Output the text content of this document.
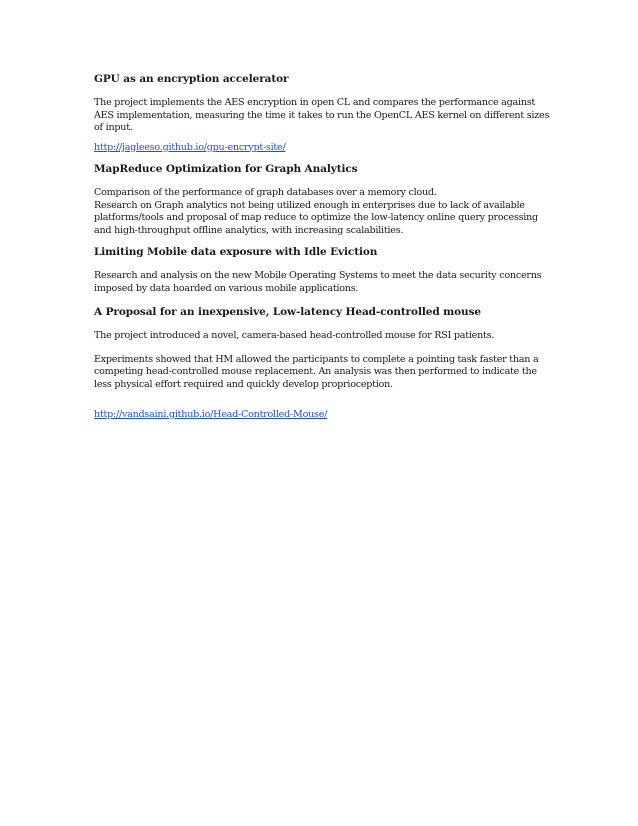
GPU as an encryption accelerator
The project implements the AES encryption in open CL and compares the performance against
AES implementation, measuring the time it takes to run the OpenCL AES kernel on different sizes
of input.
http://jagleeso.github.io/gpu-encrypt-site/
MapReduce Optimization for Graph Analytics
Comparison of the performance of graph databases over a memory cloud.
Research on Graph analytics not being utilized enough in enterprises due to lack of available
platforms/tools and proposal of map reduce to optimize the low-latency online query processing
and high-throughput offline analytics, with increasing scalabilities.
Limiting Mobile data exposure with Idle Eviction
Research and analysis on the new Mobile Operating Systems to meet the data security concerns
imposed by data hoarded on various mobile applications.
A Proposal for an inexpensive, Low-latency Head-controlled mouse
The project introduced a novel, camera-based head-controlled mouse for RSI patients.
Experiments showed that HM allowed the participants to complete a pointing task faster than a
competing head-controlled mouse replacement. An analysis was then performed to indicate the
less physical effort required and quickly develop proprioception.
http://vandsaini.github.io/Head-Controlled-Mouse/
